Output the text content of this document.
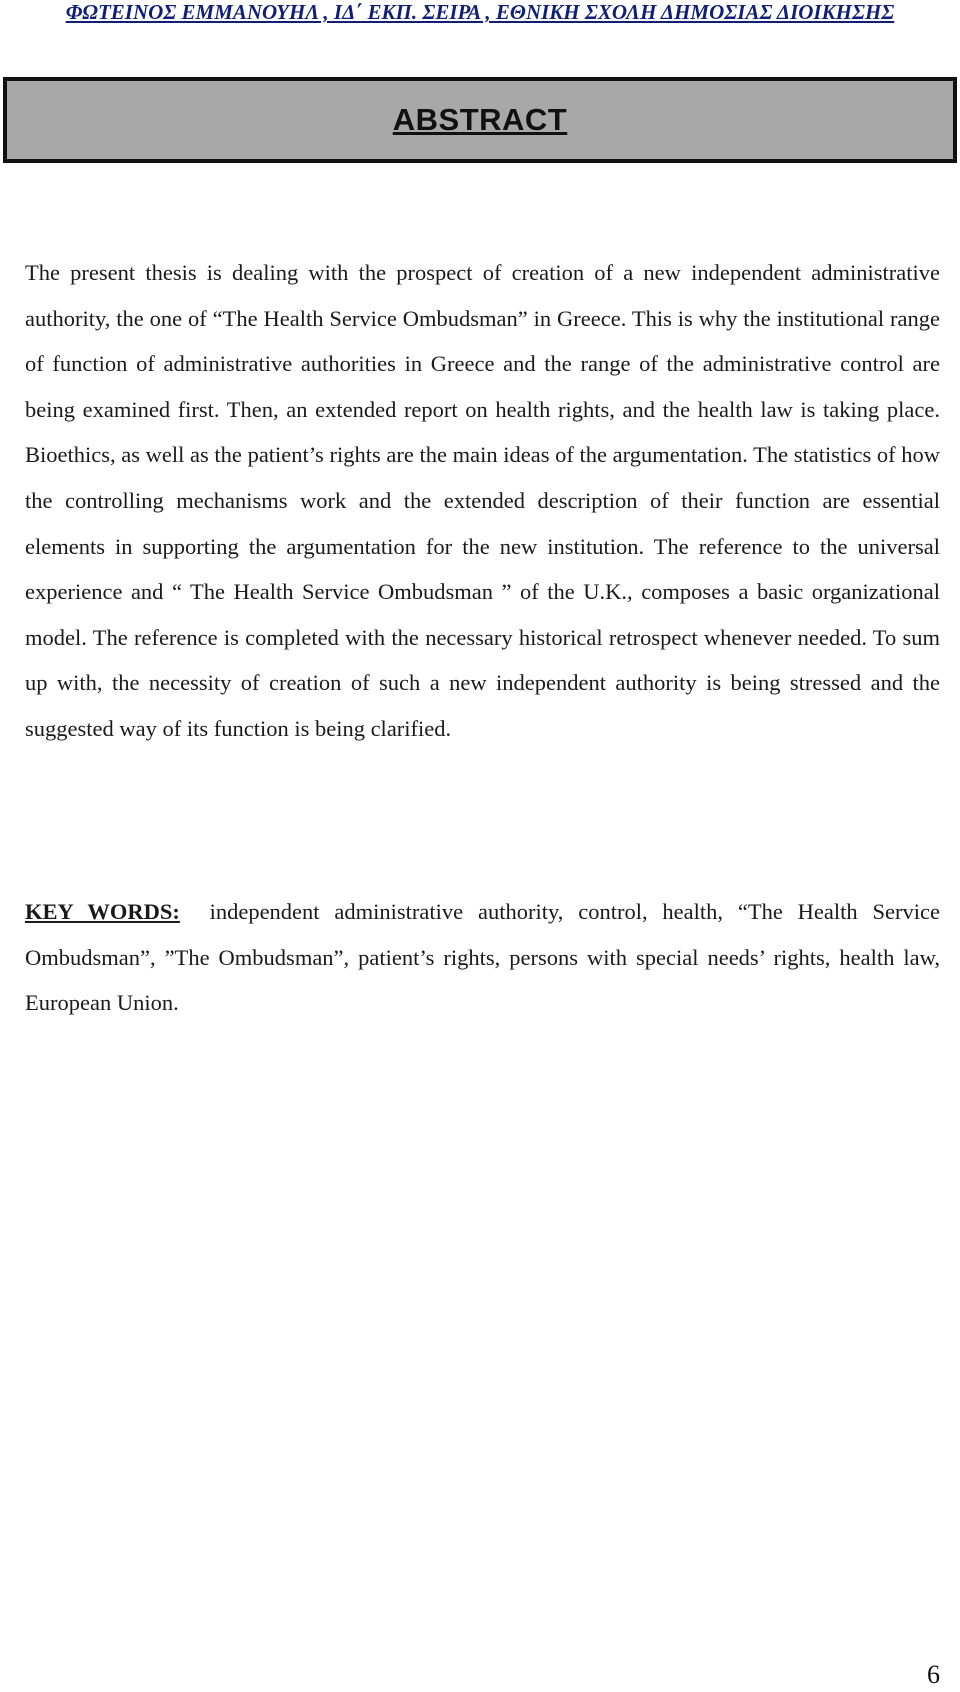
ΦΩΤΕΙΝΟΣ ΕΜΜΑΝΟΥΗΛ , ΙΔ΄ ΕΚΠ. ΣΕΙΡΑ , ΕΘΝΙΚΗ ΣΧΟΛΗ ΔΗΜΟΣΙΑΣ ΔΙΟΙΚΗΣΗΣ
ABSTRACT

The present thesis is dealing with the prospect of creation of a new independent administrative authority, the one of “The Health Service Ombudsman” in Greece. This is why the institutional range of function of administrative authorities in Greece and the range of the administrative control are being examined first. Then, an extended report on health rights, and the health law is taking place. Bioethics, as well as the patient’s rights are the main ideas of the argumentation. The statistics of how the controlling mechanisms work and the extended description of their function are essential elements in supporting the argumentation for the new institution. The reference to the universal experience and “ The Health Service Ombudsman ” of the U.K., composes a basic organizational model. The reference is completed with the necessary historical retrospect whenever needed. To sum up with, the necessity of creation of such a new independent authority is being stressed and the suggested way of its function is being clarified.

KEY WORDS: independent administrative authority, control, health, “The Health Service Ombudsman”, ”The Ombudsman”, patient’s rights, persons with special needs’ rights, health law, European Union.

6
